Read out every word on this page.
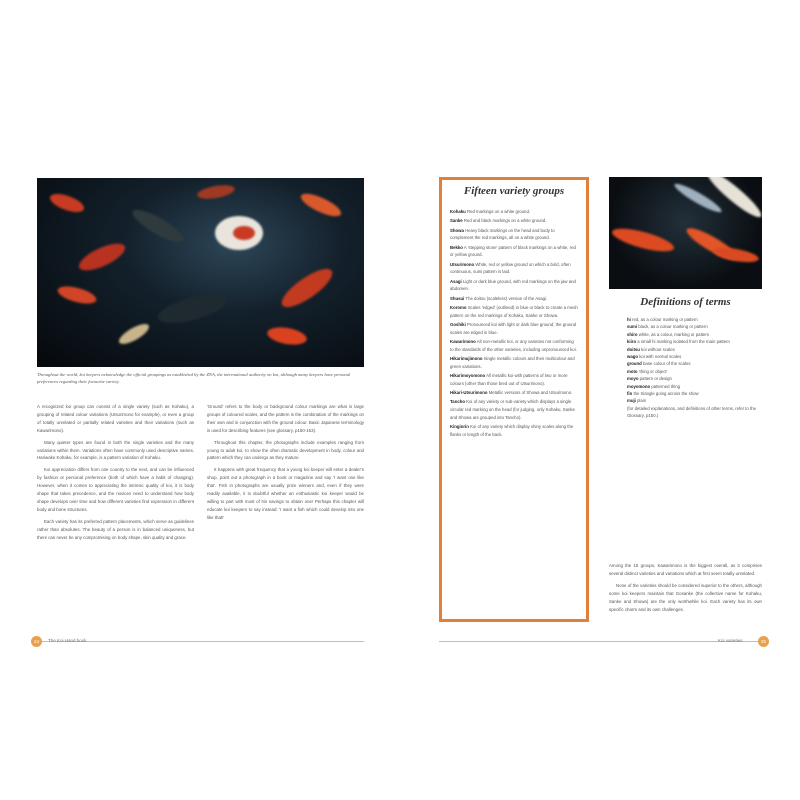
Throughout the world, koi keepers acknowledge the official groupings as established by the ZNA, the international authority on koi, although many keepers have personal preferences regarding their favourite variety.

A recognized koi group can consist of a single variety (such as Kohaku), a grouping of related colour variations (Utsurimono for example), or even a group of totally unrelated or partially related varieties and their variations (such as Kawarimono).

Many quieter types are found in both the single varieties and the many variations within them. Variations often have commonly used descriptive names. Hariwake Kohaku, for example, is a pattern variation of Kohaku.

Koi appreciation differs from one country to the next, and can be influenced by fashion or personal preference (both of which have a habit of changing). However, when it comes to appreciating the intrinsic quality of koi, it is body shape that takes precedence, and the novices need to understand how body shape develops over time and how different varieties find expression in different body and bone structures.

Each variety has its preferred pattern placements, which serve as guidelines rather than absolutes. The beauty of a person is in balanced uniqueness, but there can never be any compromising on body shape, skin quality and grace.

'Ground' refers to the body or background colour markings are what is large groups of coloured scales, and the pattern is the combination of the markings on their own and in conjunction with the ground colour. Basic Japanese terminology is used for describing features (see glossary, p150-153).

Throughout this chapter, the photographs include examples ranging from young to adult koi, to show the often dramatic development in body, colour and pattern which they can undergo as they mature.

It happens with great frequency that a young koi keeper will enter a dealer's shop, point out a photograph in a book or magazine and say 'I want one like that'. Fish in photographs are usually prize winners and, even if they were readily available, it is doubtful whether an enthusiastic koi keeper would be willing to part with most of his savings to obtain one! Perhaps this chapter will educate koi keepers to say instead: 'I want a fish which could develop into one like that!'

Fifteen variety groups
Kohaku Red markings on a white ground.
Sanke Red and black markings on a white ground.
Showa Heavy black markings on the head and body to complement the red markings, all on a white ground.
Bekko A 'stepping stone' pattern of black markings on a white, red or yellow ground.
Utsurimono White, red or yellow ground on which a bold, often continuous, sumi pattern is laid.
Asagi Light or dark blue ground, with red markings on the jaw and abdomen.
Shusui The doitsu (scaleless) version of the Asagi.
Koromo Scales 'edged' (outlined) in blue or black to create a mesh pattern on the red markings of Kohaku, Sanke or Showa.
Goshiki Pronounced koi with light or dark blue ground; the ground scales are edged in blue.
Kawarimono All non-metallic koi, or any varieties not conforming to the standards of the other varieties, including unpronounced koi.
Hikarimujimono Single metallic colours and their multicolour and green variations.
Hikarimoyomono All metallic koi with patterns of two or more colours (other than those bred out of Utsurimono).
Hikari-Utsurimono Metallic versions of Showa and Utsurimono.
Tancho Koi of any variety or sub-variety which displays a single circular red marking on the head (for judging, only Kohaku, Sanke and Showa are grouped into Tancho).
Kinginrin Koi of any variety which display shiny scales along the flanks or length of the back.
Definitions of terms
hi red, as a colour marking or pattern
sumi black, as a colour marking or pattern
shiro white, as a colour, marking or pattern
kiiro a small hi marking isolated from the main pattern
doitsu koi without scales
wago koi with normal scales
ground base colour of the scales
moto 'thing or object'
moyo pattern or design
moyomono patterned thing
fin the triangle going across the show
muji plain
(for detailed explanations, and definitions of other terms, refer to the Glossary, p150.)

Among the 15 groups, Kawarimono is the biggest overall, as it comprises several distinct varieties and variations which at first seem totally unrelated.

None of the varieties should be considered superior to the others, although some koi keepers maintain that Gosanke (the collective name for Kohaku, Sanke and Showa) are the only worthwhile koi. Each variety has its own specific charm and its own challenges.

24	The Koi Hand book	Koi varieties	25
